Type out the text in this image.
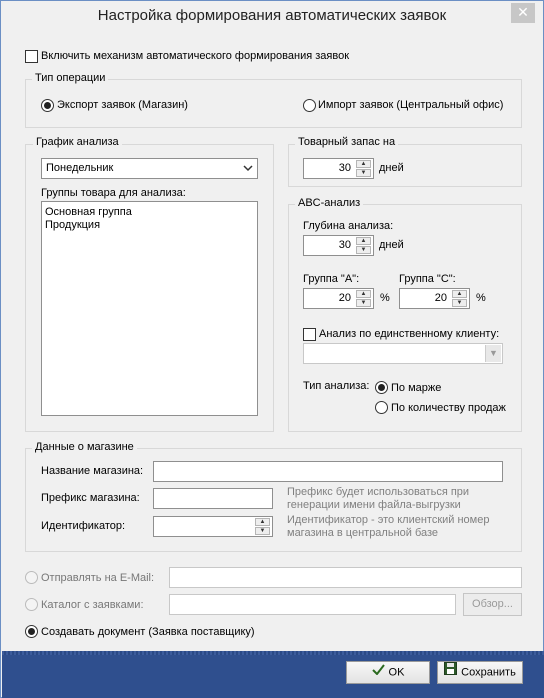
Настройка формирования автоматических заявок	✕
Включить механизм автоматического формирования заявок
Тип операции
Экспорт заявок (Магазин)	Импорт заявок (Центральный офис)
График анализа
Понедельник
Группы товара для анализа:
Основная группа
Продукция
Товарный запас на
30	▲
▼	дней
ABC-анализ
Глубина анализа:
30	▲
▼	дней
Группа "A":
20	▲
▼	%
Группа "C":
20	▲
▼	%
Анализ по единственному клиенту:
▼
Тип анализа: По марже
По количеству продаж
Данные о магазине
Название магазина:
Префикс магазина:	Префикс будет использоваться при генерации имени файла-выгрузки
Идентификатор:	▲
▼
Идентификатор - это клиентский номер магазина в центральной базе
Отправлять на E-Mail:
Каталог с заявками:	Обзор...
Создавать документ (Заявка поставщику)
OK	Сохранить
